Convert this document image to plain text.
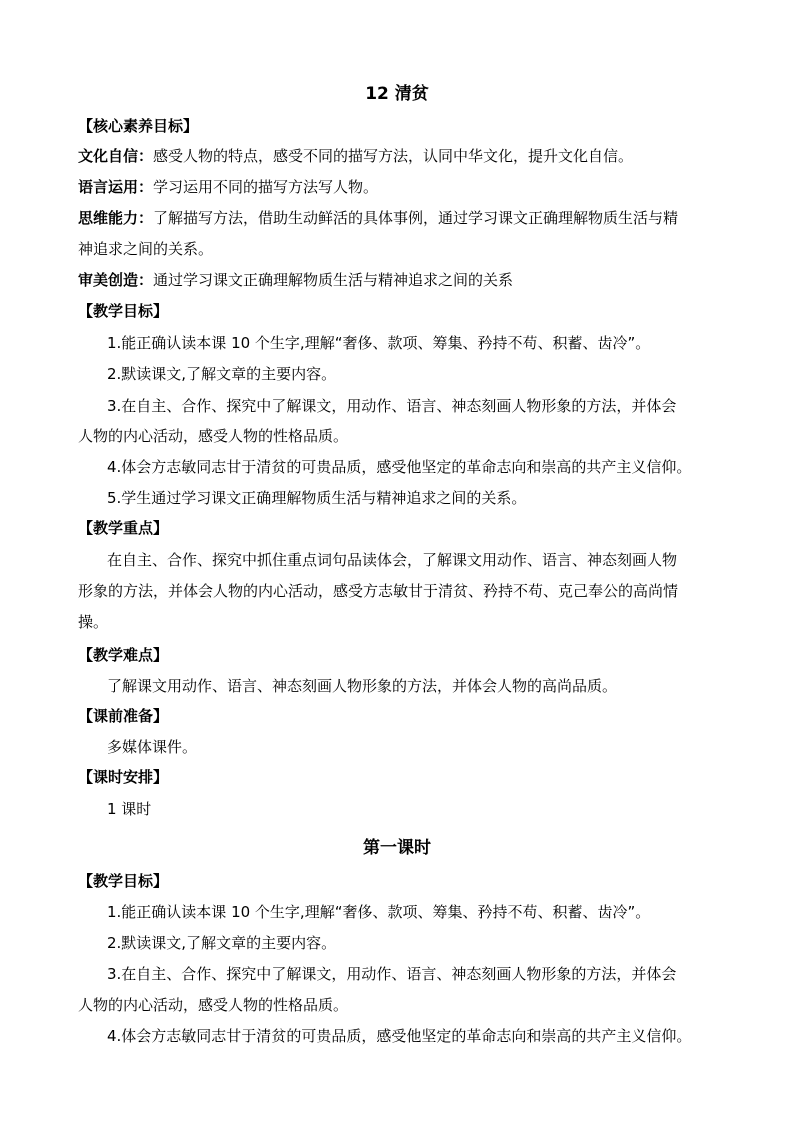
12 清贫
【核心素养目标】
文化自信：感受人物的特点，感受不同的描写方法，认同中华文化，提升文化自信。
语言运用：学习运用不同的描写方法写人物。
思维能力：了解描写方法，借助生动鲜活的具体事例，通过学习课文正确理解物质生活与精
神追求之间的关系。
审美创造：通过学习课文正确理解物质生活与精神追求之间的关系
【教学目标】
1.能正确认读本课 10 个生字,理解“奢侈、款项、筹集、矜持不苟、积蓄、齿冷”。
2.默读课文,了解文章的主要内容。
3.在自主、合作、探究中了解课文，用动作、语言、神态刻画人物形象的方法，并体会
人物的内心活动，感受人物的性格品质。
4.体会方志敏同志甘于清贫的可贵品质，感受他坚定的革命志向和崇高的共产主义信仰。
5.学生通过学习课文正确理解物质生活与精神追求之间的关系。
【教学重点】
在自主、合作、探究中抓住重点词句品读体会，了解课文用动作、语言、神态刻画人物
形象的方法，并体会人物的内心活动，感受方志敏甘于清贫、矜持不苟、克己奉公的高尚情
操。
【教学难点】
了解课文用动作、语言、神态刻画人物形象的方法，并体会人物的高尚品质。
【课前准备】
多媒体课件。
【课时安排】
1 课时
第一课时
【教学目标】
1.能正确认读本课 10 个生字,理解“奢侈、款项、筹集、矜持不苟、积蓄、齿冷”。
2.默读课文,了解文章的主要内容。
3.在自主、合作、探究中了解课文，用动作、语言、神态刻画人物形象的方法，并体会
人物的内心活动，感受人物的性格品质。
4.体会方志敏同志甘于清贫的可贵品质，感受他坚定的革命志向和崇高的共产主义信仰。
